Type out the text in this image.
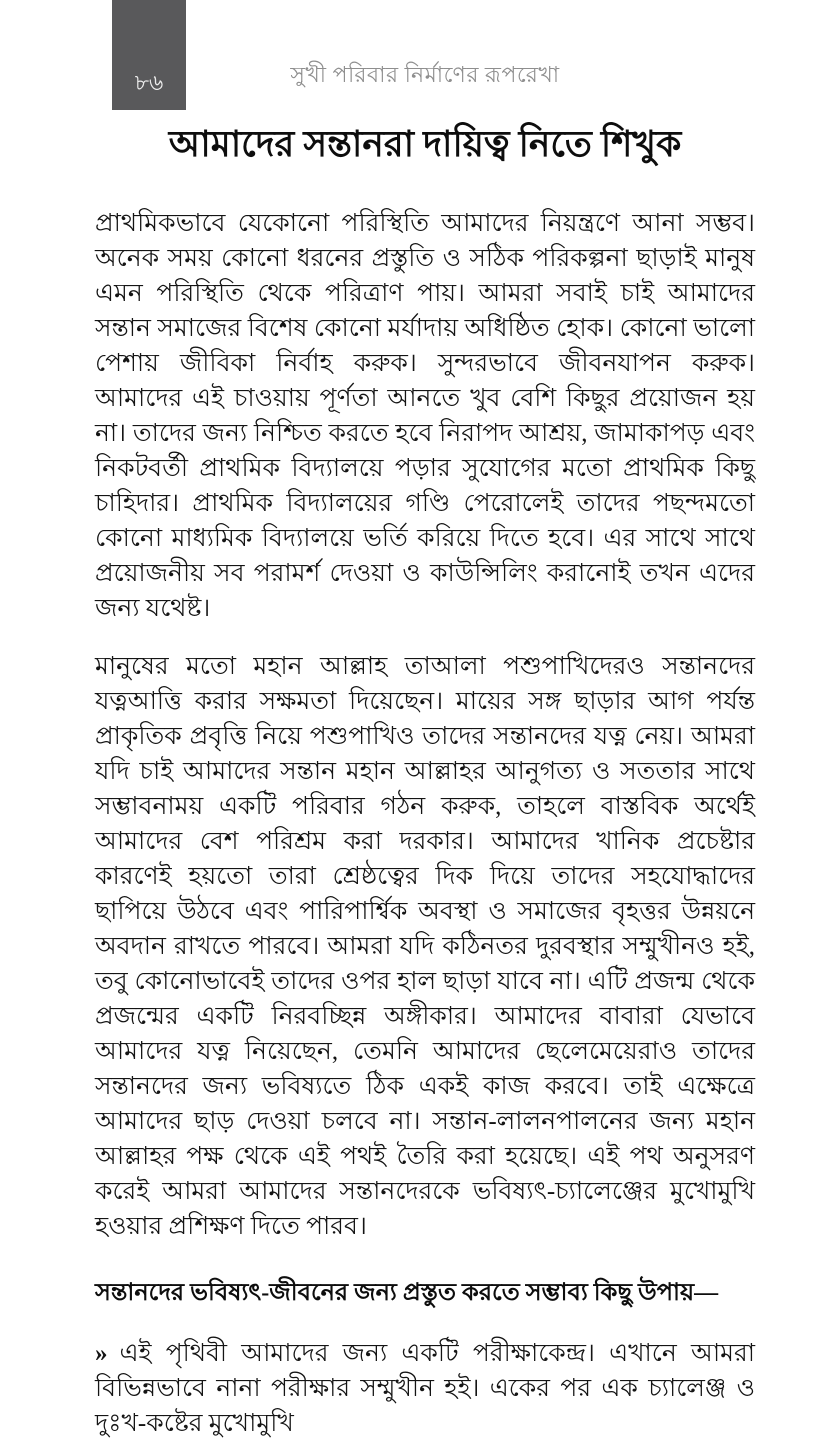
৮৬	সুখী পরিবার নির্মাণের রূপরেখা
আমাদের সন্তানরা দায়িত্ব নিতে শিখুক

প্রাথমিকভাবে যেকোনো পরিস্থিতি আমাদের নিয়ন্ত্রণে আনা সম্ভব। অনেক সময় কোনো ধরনের প্রস্তুতি ও সঠিক পরিকল্পনা ছাড়াই মানুষ এমন পরিস্থিতি থেকে পরিত্রাণ পায়। আমরা সবাই চাই আমাদের সন্তান সমাজের বিশেষ কোনো মর্যাদায় অধিষ্ঠিত হোক। কোনো ভালো পেশায় জীবিকা নির্বাহ করুক। সুন্দরভাবে জীবনযাপন করুক। আমাদের এই চাওয়ায় পূর্ণতা আনতে খুব বেশি কিছুর প্রয়োজন হয় না। তাদের জন্য নিশ্চিত করতে হবে নিরাপদ আশ্রয়, জামাকাপড় এবং নিকটবর্তী প্রাথমিক বিদ্যালয়ে পড়ার সুযোগের মতো প্রাথমিক কিছু চাহিদার। প্রাথমিক বিদ্যালয়ের গণ্ডি পেরোলেই তাদের পছন্দমতো কোনো মাধ্যমিক বিদ্যালয়ে ভর্তি করিয়ে দিতে হবে। এর সাথে সাথে প্রয়োজনীয় সব পরামর্শ দেওয়া ও কাউন্সিলিং করানোই তখন এদের জন্য যথেষ্ট।

মানুষের মতো মহান আল্লাহ তাআলা পশুপাখিদেরও সন্তানদের যত্নআত্তি করার সক্ষমতা দিয়েছেন। মায়ের সঙ্গ ছাড়ার আগ পর্যন্ত প্রাকৃতিক প্রবৃত্তি নিয়ে পশুপাখিও তাদের সন্তানদের যত্ন নেয়। আমরা যদি চাই আমাদের সন্তান মহান আল্লাহর আনুগত্য ও সততার সাথে সম্ভাবনাময় একটি পরিবার গঠন করুক, তাহলে বাস্তবিক অর্থেই আমাদের বেশ পরিশ্রম করা দরকার। আমাদের খানিক প্রচেষ্টার কারণেই হয়তো তারা শ্রেষ্ঠত্বের দিক দিয়ে তাদের সহযোদ্ধাদের ছাপিয়ে উঠবে এবং পারিপার্শ্বিক অবস্থা ও সমাজের বৃহত্তর উন্নয়নে অবদান রাখতে পারবে। আমরা যদি কঠিনতর দুরবস্থার সম্মুখীনও হই, তবু কোনোভাবেই তাদের ওপর হাল ছাড়া যাবে না। এটি প্রজন্ম থেকে প্রজন্মের একটি নিরবচ্ছিন্ন অঙ্গীকার। আমাদের বাবারা যেভাবে আমাদের যত্ন নিয়েছেন, তেমনি আমাদের ছেলেমেয়েরাও তাদের সন্তানদের জন্য ভবিষ্যতে ঠিক একই কাজ করবে। তাই এক্ষেত্রে আমাদের ছাড় দেওয়া চলবে না। সন্তান-লালনপালনের জন্য মহান আল্লাহর পক্ষ থেকে এই পথই তৈরি করা হয়েছে। এই পথ অনুসরণ করেই আমরা আমাদের সন্তানদেরকে ভবিষ্যৎ-চ্যালেঞ্জের মুখোমুখি হওয়ার প্রশিক্ষণ দিতে পারব।

সন্তানদের ভবিষ্যৎ-জীবনের জন্য প্রস্তুত করতে সম্ভাব্য কিছু উপায়—

» এই পৃথিবী আমাদের জন্য একটি পরীক্ষাকেন্দ্র। এখানে আমরা বিভিন্নভাবে নানা পরীক্ষার সম্মুখীন হই। একের পর এক চ্যালেঞ্জ ও দুঃখ-কষ্টের মুখোমুখি
